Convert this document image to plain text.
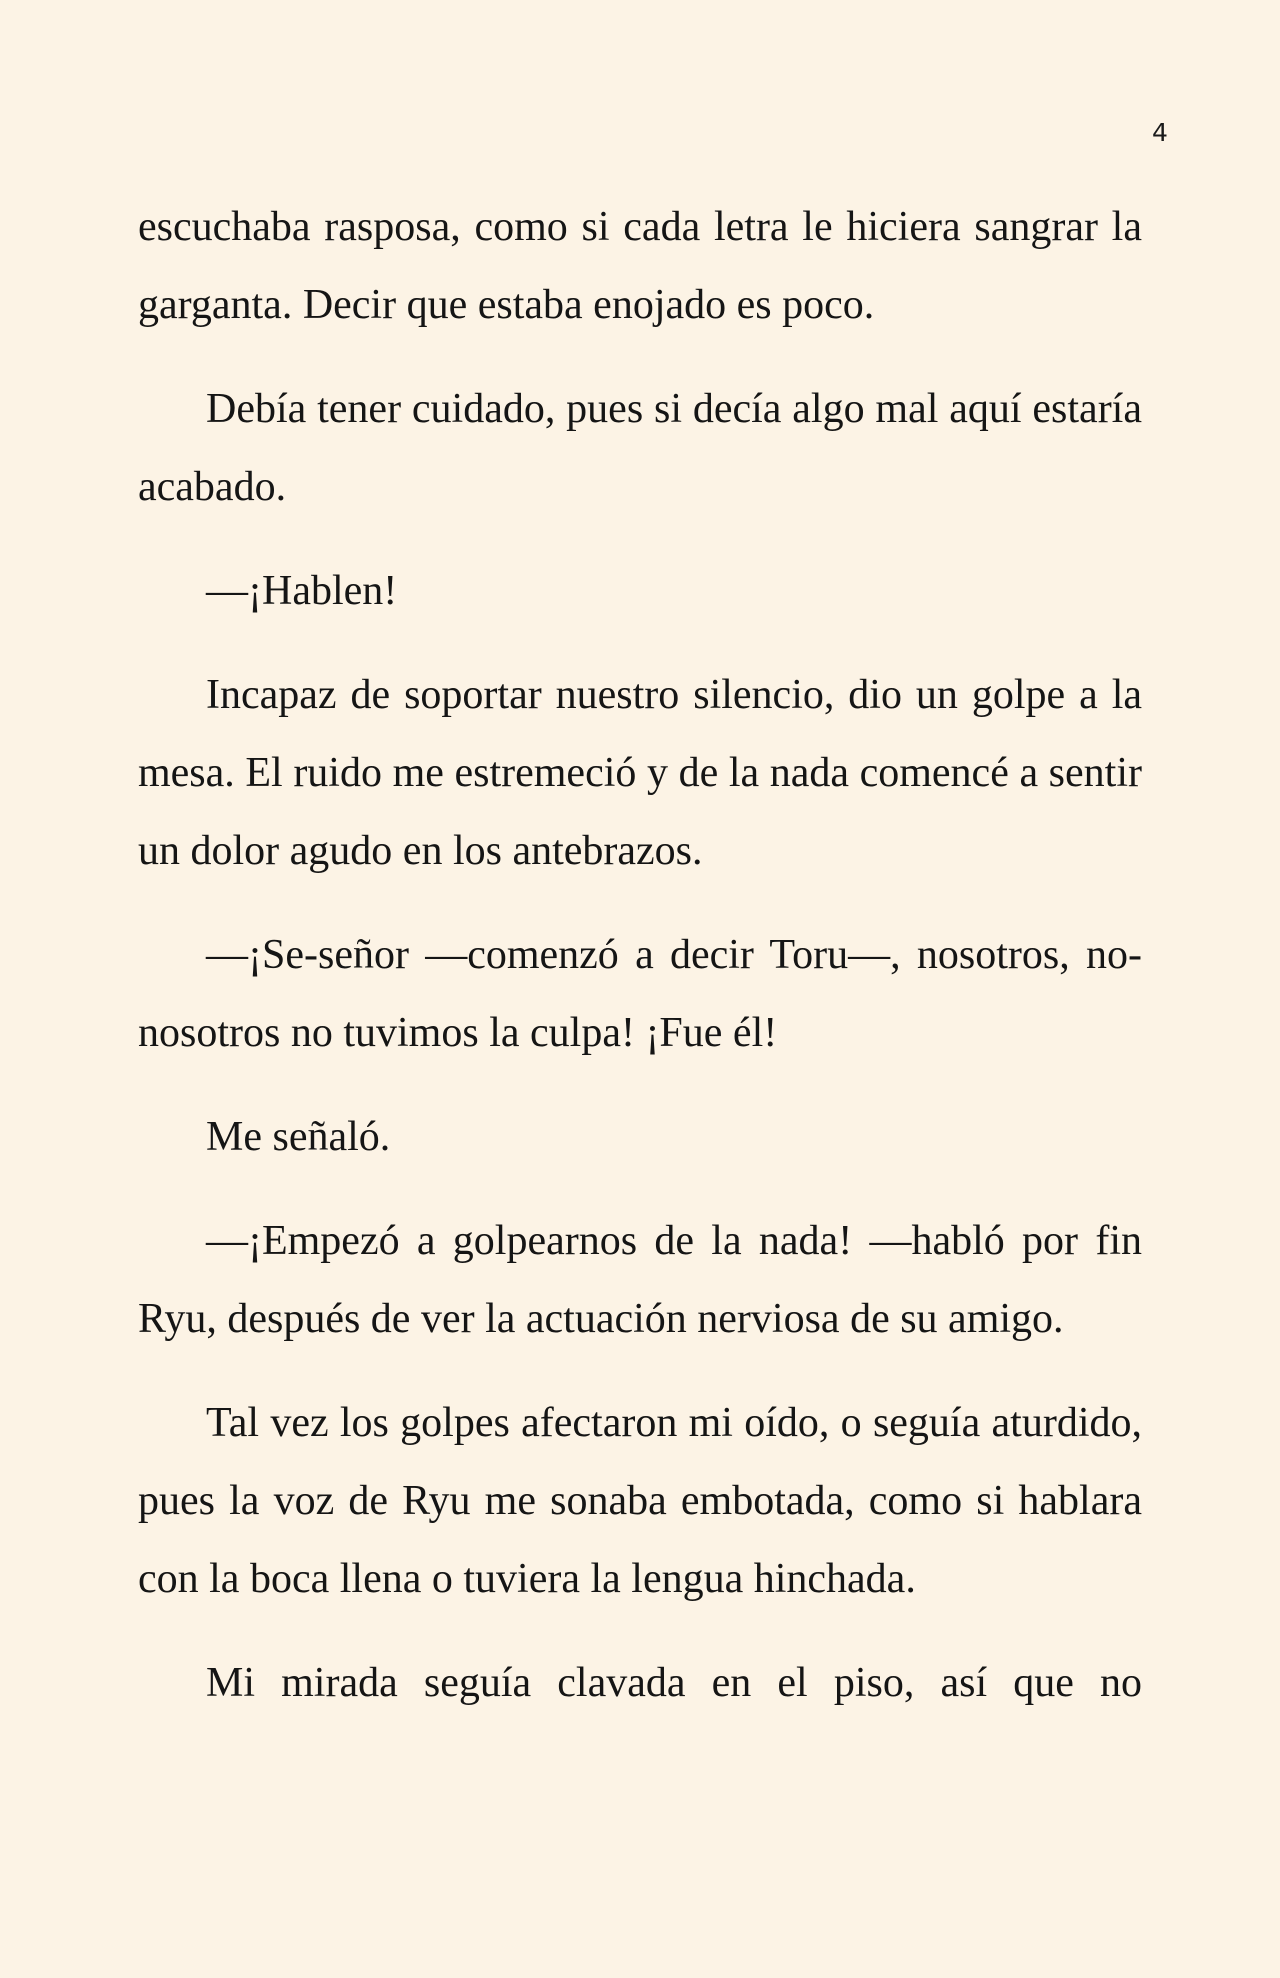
4

escuchaba rasposa, como si cada letra le hiciera sangrar la garganta. Decir que estaba enojado es poco.

Debía tener cuidado, pues si decía algo mal aquí estaría acabado.

—¡Hablen!

Incapaz de soportar nuestro silencio, dio un golpe a la mesa. El ruido me estremeció y de la nada comencé a sentir un dolor agudo en los antebrazos.

—¡Se-señor —comenzó a decir Toru—, nosotros, no-nosotros no tuvimos la culpa! ¡Fue él!

Me señaló.

—¡Empezó a golpearnos de la nada! —habló por fin Ryu, después de ver la actuación nerviosa de su amigo.

Tal vez los golpes afectaron mi oído, o seguía aturdido, pues la voz de Ryu me sonaba embotada, como si hablara con la boca llena o tuviera la lengua hinchada.

Mi mirada seguía clavada en el piso, así que no
